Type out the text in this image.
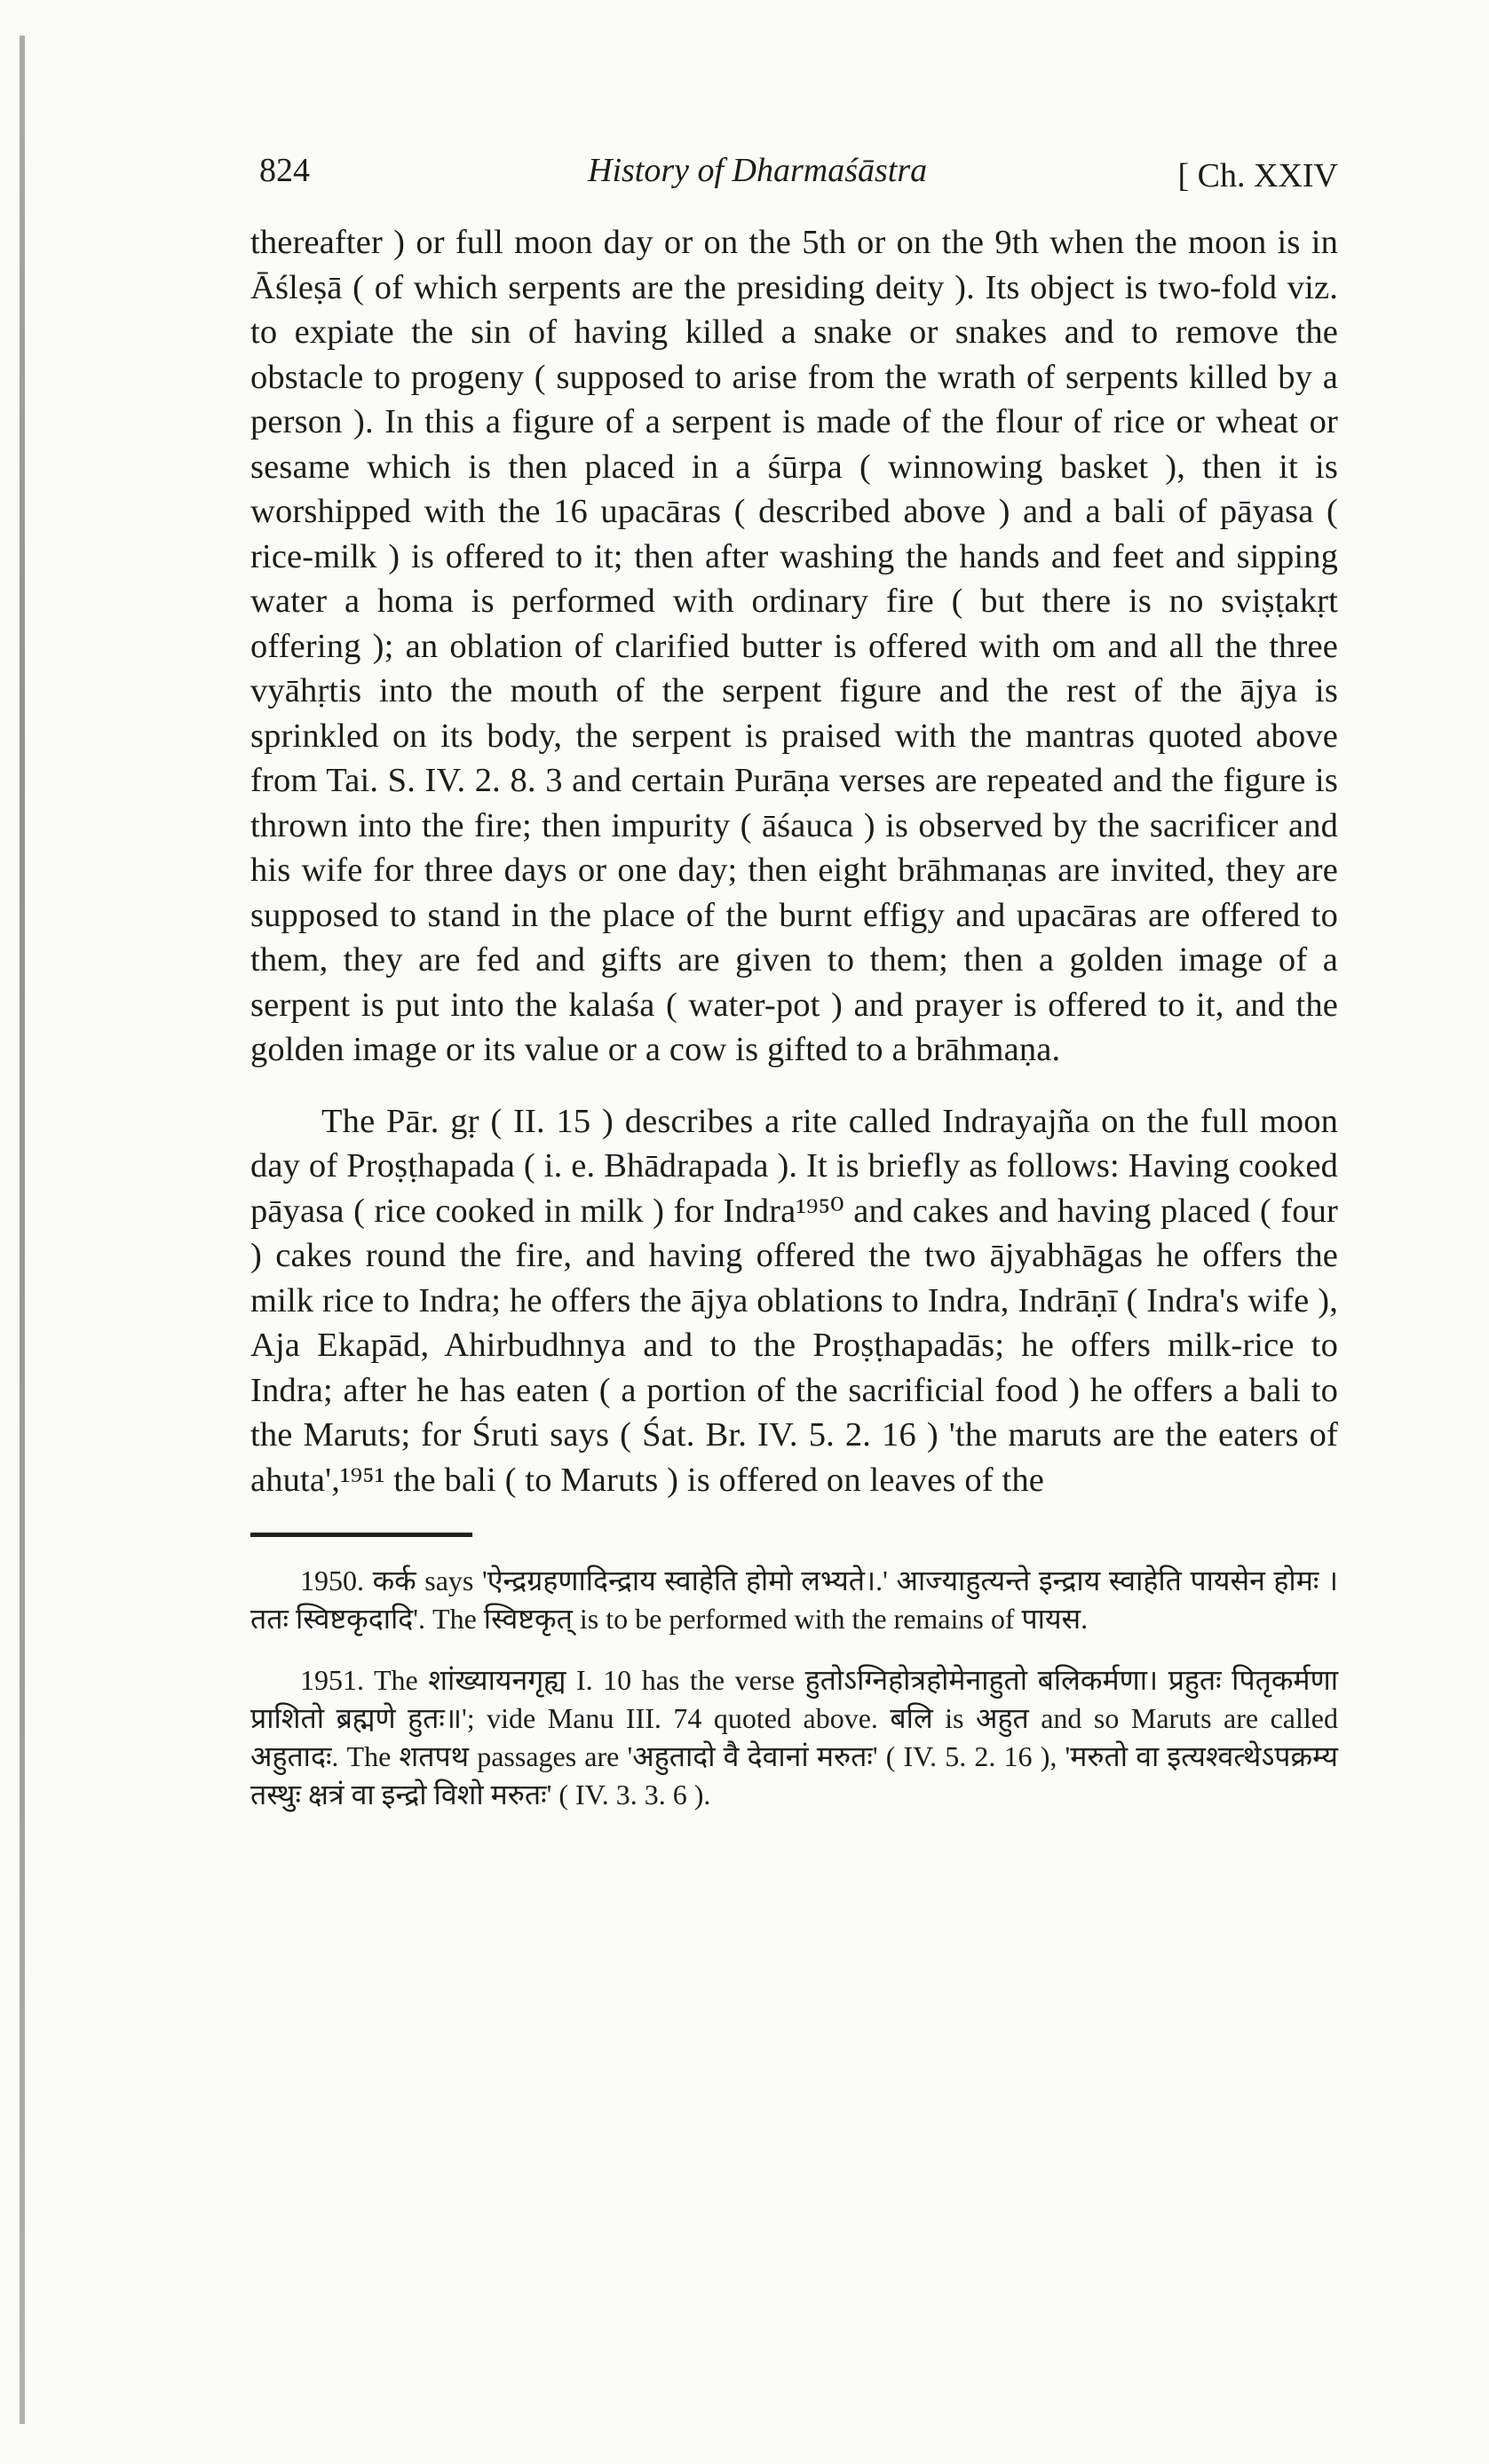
824	History of Dharmaśāstra	[ Ch. XXIV

thereafter ) or full moon day or on the 5th or on the 9th when the moon is in Āśleṣā ( of which serpents are the presiding deity ). Its object is two-fold viz. to expiate the sin of having killed a snake or snakes and to remove the obstacle to progeny ( supposed to arise from the wrath of serpents killed by a person ). In this a figure of a serpent is made of the flour of rice or wheat or sesame which is then placed in a śūrpa ( winnowing basket ), then it is worshipped with the 16 upacāras ( described above ) and a bali of pāyasa ( rice-milk ) is offered to it; then after washing the hands and feet and sipping water a homa is performed with ordinary fire ( but there is no sviṣṭakṛt offering ); an oblation of clarified butter is offered with om and all the three vyāhṛtis into the mouth of the serpent figure and the rest of the ājya is sprinkled on its body, the serpent is praised with the mantras quoted above from Tai. S. IV. 2. 8. 3 and certain Purāṇa verses are repeated and the figure is thrown into the fire; then impurity ( āśauca ) is observed by the sacrificer and his wife for three days or one day; then eight brāhmaṇas are invited, they are supposed to stand in the place of the burnt effigy and upacāras are offered to them, they are fed and gifts are given to them; then a golden image of a serpent is put into the kalaśa ( water-pot ) and prayer is offered to it, and the golden image or its value or a cow is gifted to a brāhmaṇa.

The Pār. gṛ ( II. 15 ) describes a rite called Indrayajña on the full moon day of Proṣṭhapada ( i. e. Bhādrapada ). It is briefly as follows: Having cooked pāyasa ( rice cooked in milk ) for Indra¹⁹⁵⁰ and cakes and having placed ( four ) cakes round the fire, and having offered the two ājyabhāgas he offers the milk rice to Indra; he offers the ājya oblations to Indra, Indrāṇī ( Indra's wife ), Aja Ekapād, Ahirbudhnya and to the Proṣṭhapadās; he offers milk-rice to Indra; after he has eaten ( a portion of the sacrificial food ) he offers a bali to the Maruts; for Śruti says ( Śat. Br. IV. 5. 2. 16 ) 'the maruts are the eaters of ahuta',¹⁹⁵¹ the bali ( to Maruts ) is offered on leaves of the

1950. कर्क says 'ऐन्द्रग्रहणादिन्द्राय स्वाहेति होमो लभ्यते।.' आज्याहुत्यन्ते इन्द्राय स्वाहेति पायसेन होमः । ततः स्विष्टकृदादि'. The स्विष्टकृत् is to be performed with the remains of पायस.

1951. The शांख्यायनगृह्य I. 10 has the verse हुतोऽग्निहोत्रहोमेनाहुतो बलिकर्मणा। प्रहुतः पितृकर्मणा प्राशितो ब्रह्मणे हुतः॥'; vide Manu III. 74 quoted above. बलि is अहुत and so Maruts are called अहुतादः. The शतपथ passages are 'अहुतादो वै देवानां मरुतः' ( IV. 5. 2. 16 ), 'मरुतो वा इत्यश्वत्थेऽपक्रम्य तस्थुः क्षत्रं वा इन्द्रो विशो मरुतः' ( IV. 3. 3. 6 ).
